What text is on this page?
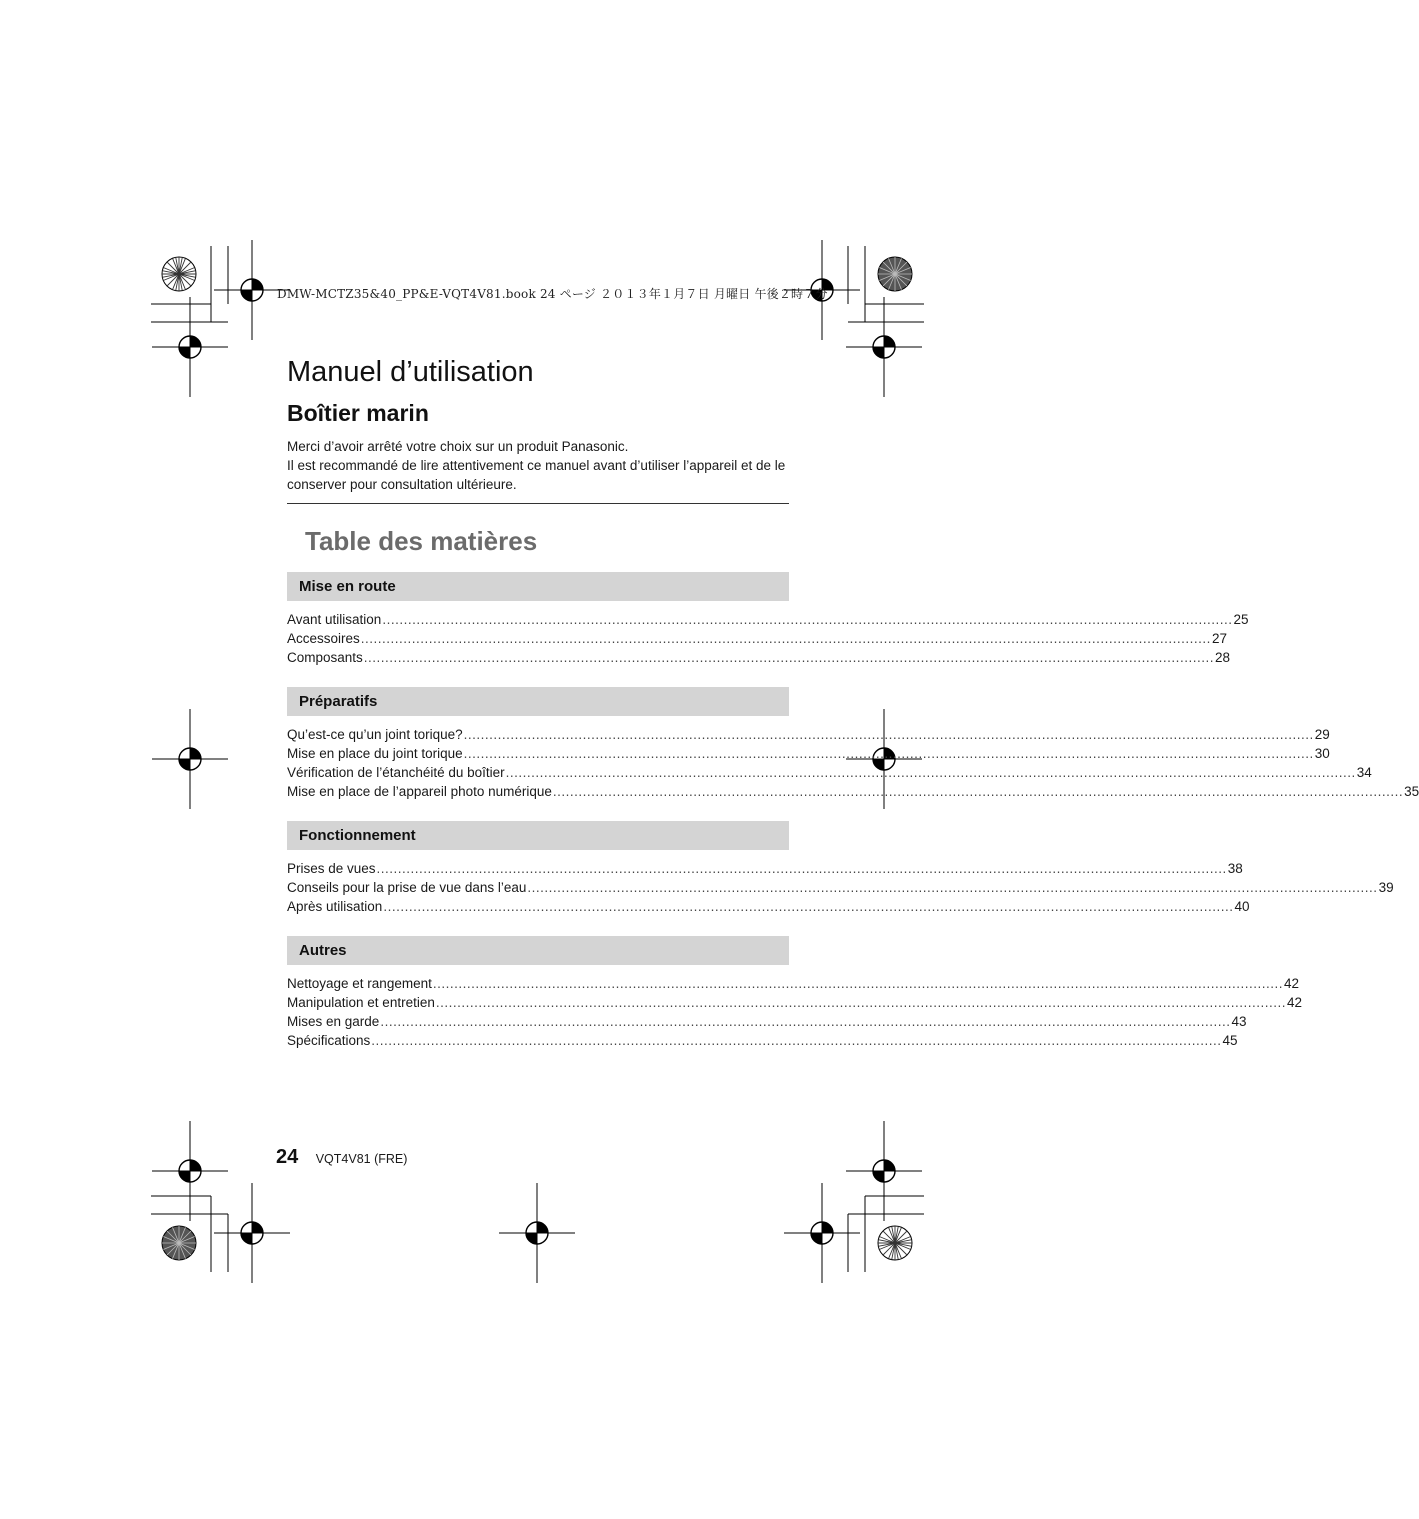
DMW-MCTZ35&40_PP&E-VQT4V81.book 24 ページ ２０１３年１月７日 月曜日 午後２時７分
Manuel d’utilisation
Boîtier marin

Merci d’avoir arrêté votre choix sur un produit Panasonic.
Il est recommandé de lire attentivement ce manuel avant d’utiliser l’appareil et de le conserver pour consultation ultérieure.

Table des matières
Mise en route
Avant utilisation ........................................................................................................................................................................................................ 25
Accessoires ........................................................................................................................................................................................................ 27
Composants ........................................................................................................................................................................................................ 28
Préparatifs
Qu’est-ce qu’un joint torique? ........................................................................................................................................................................................................ 29
Mise en place du joint torique ........................................................................................................................................................................................................ 30
Vérification de l’étanchéité du boîtier ........................................................................................................................................................................................................ 34
Mise en place de l’appareil photo numérique ........................................................................................................................................................................................................ 35
Fonctionnement
Prises de vues ........................................................................................................................................................................................................ 38
Conseils pour la prise de vue dans l’eau ........................................................................................................................................................................................................ 39
Après utilisation ........................................................................................................................................................................................................ 40
Autres
Nettoyage et rangement ........................................................................................................................................................................................................ 42
Manipulation et entretien ........................................................................................................................................................................................................ 42
Mises en garde ........................................................................................................................................................................................................ 43
Spécifications ........................................................................................................................................................................................................ 45
24 VQT4V81 (FRE)
